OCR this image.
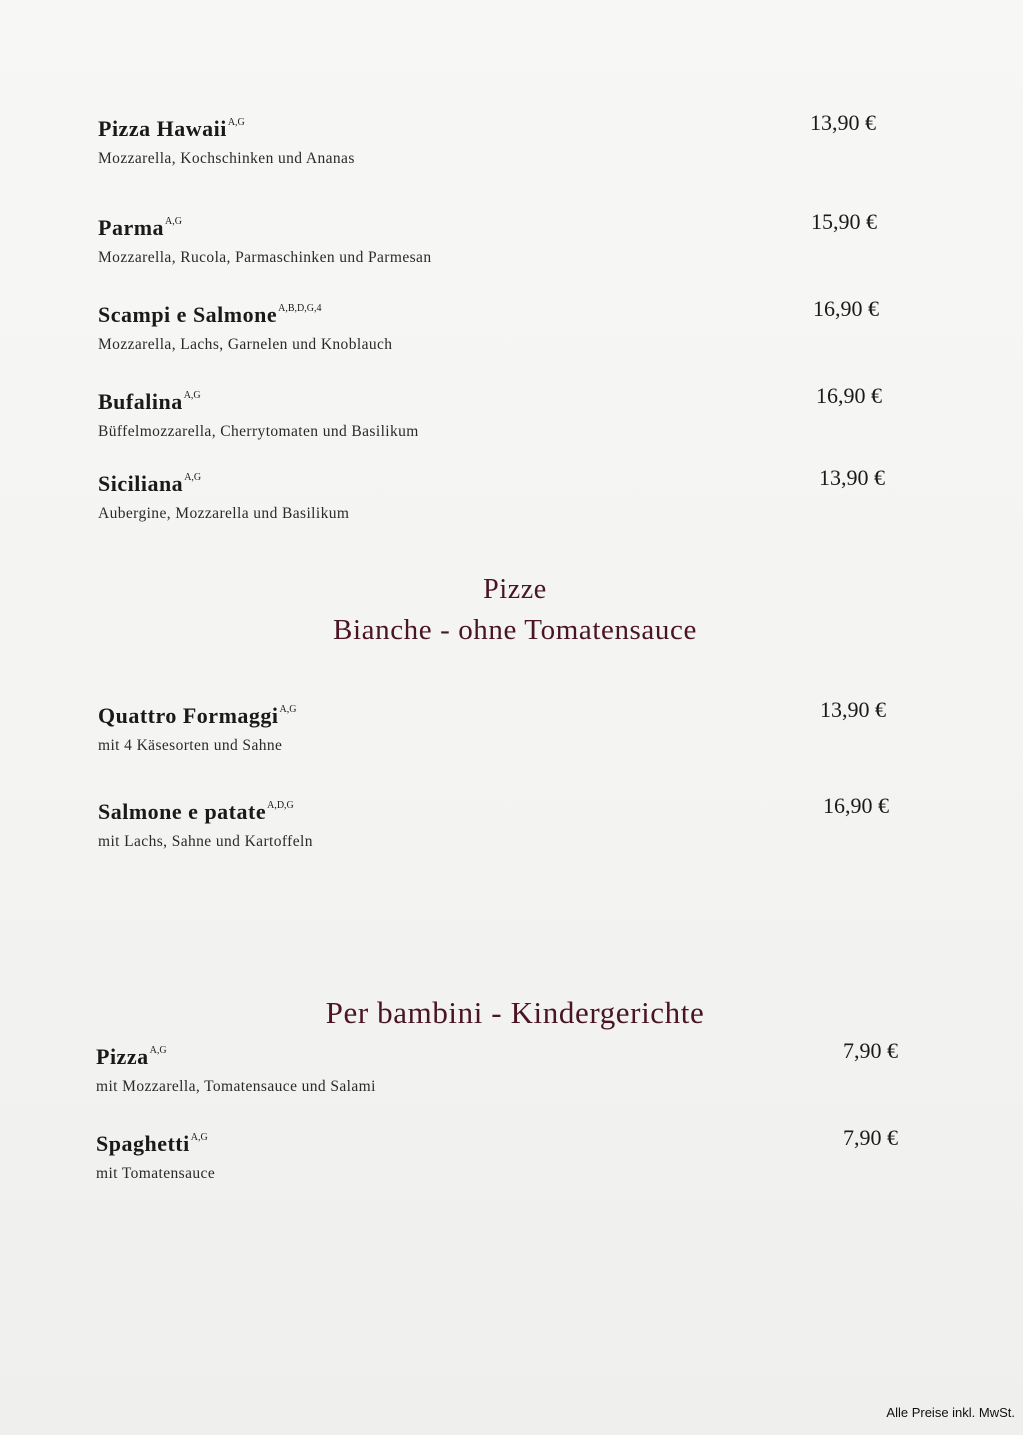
Pizza Hawaii$^{A,G}$
Mozzarella, Kochschinken und Ananas
13,90 €
Parma$^{A,G}$
Mozzarella, Rucola, Parmaschinken und Parmesan
15,90 €
Scampi e Salmone$^{A,B,D,G,4}$
Mozzarella, Lachs, Garnelen und Knoblauch
16,90 €
Bufalina$^{A,G}$
Büffelmozzarella, Cherrytomaten und Basilikum
16,90 €
Siciliana$^{A,G}$
Aubergine, Mozzarella und Basilikum
13,90 €
Pizze
Bianche - ohne Tomatensauce
Quattro Formaggi$^{A,G}$
mit 4 Käsesorten und Sahne
13,90 €
Salmone e patate$^{A,D,G}$
mit Lachs, Sahne und Kartoffeln
16,90 €
Per bambini - Kindergerichte
Pizza$^{A,G}$
mit Mozzarella, Tomatensauce und Salami
7,90 €
Spaghetti$^{A,G}$
mit Tomatensauce
7,90 €
Alle Preise inkl. MwSt.
